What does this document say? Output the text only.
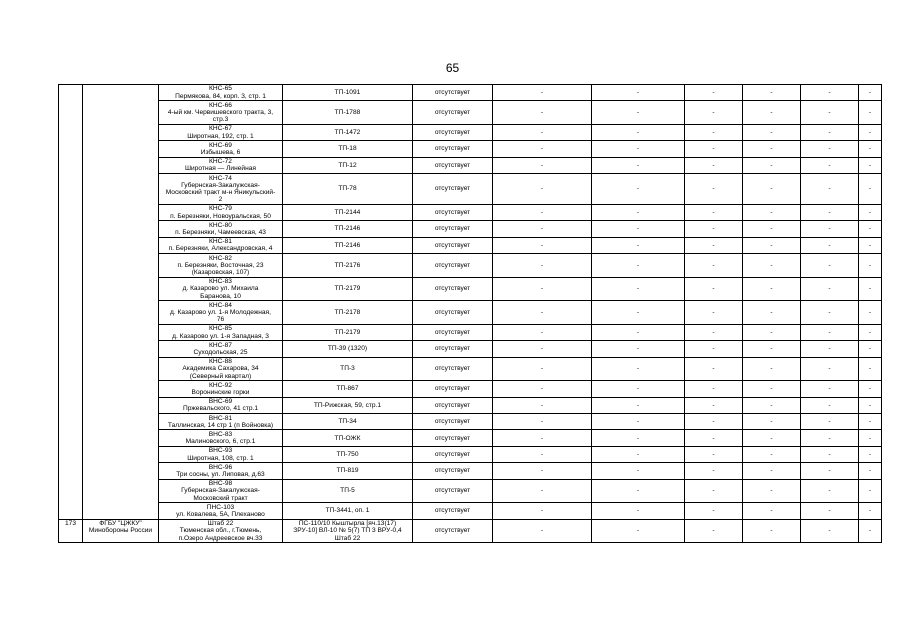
65

		КНС-65
Пермякова, 84, корп. 3, стр. 1	ТП-1091	отсутствует	-	-	-	-	-	-

		КНС-66
4-ый км. Червишевского тракта, 3,
стр.3	ТП-1788	отсутствует	-	-	-	-	-	-

		КНС-67
Широтная, 192, стр. 1	ТП-1472	отсутствует	-	-	-	-	-	-

		КНС-69
Избышева, 6	ТП-18	отсутствует	-	-	-	-	-	-

		КНС-72
Широтная — Линейная	ТП-12	отсутствует	-	-	-	-	-	-

		КНС-74
Губернская-Закалужская-
Московский тракт м-н Яникульский-
2	ТП-78	отсутствует	-	-	-	-	-	-

		КНС-79
п. Березняки, Новоуральская, 50	ТП-2144	отсутствует	-	-	-	-	-	-

		КНС-80
п. Березняки, Чамеевская, 43	ТП-2146	отсутствует	-	-	-	-	-	-

		КНС-81
п. Березняки, Александровская, 4	ТП-2146	отсутствует	-	-	-	-	-	-

		КНС-82
п. Березняки, Восточная, 23
(Казаровская, 107)	ТП-2176	отсутствует	-	-	-	-	-	-

		КНС-83
д. Казарово ул. Михаила
Баранова, 10	ТП-2179	отсутствует	-	-	-	-	-	-

		КНС-84
д. Казарово ул. 1-я Молодежная,
76	ТП-2178	отсутствует	-	-	-	-	-	-

		КНС-85
д. Казарово ул. 1-я Западная, 3	ТП-2179	отсутствует	-	-	-	-	-	-

		КНС-87
Суходольская, 25	ТП-39 (1320)	отсутствует	-	-	-	-	-	-

		КНС-88
Академика Сахарова, 34
(Северный квартал)	ТП-3	отсутствует	-	-	-	-	-	-

		КНС-92
Воронинские горки	ТП-867	отсутствует	-	-	-	-	-	-

		ВНС-69
Пржевальского, 41 стр.1	ТП-Рижская, 59, стр.1	отсутствует	-	-	-	-	-	-

		ВНС-81
Таллинская, 14 стр 1 (п Войновка)	ТП-34	отсутствует	-	-	-	-	-	-

		ВНС-83
Малиновского, 6, стр.1	ТП-ОЖК	отсутствует	-	-	-	-	-	-

		ВНС-93
Широтная, 108, стр. 1	ТП-750	отсутствует	-	-	-	-	-	-

		ВНС-96
Три сосны, ул. Липовая, д.63	ТП-819	отсутствует	-	-	-	-	-	-

		ВНС-98
Губернская-Закалужская-
Московский тракт	ТП-5	отсутствует	-	-	-	-	-	-

		ПНС-103
ул. Ковалева, 5А, Плеханово	ТП-3441, оп. 1	отсутствует	-	-	-	-	-	-
173	ФГБУ "ЦЖКУ" Минобороны России	Штаб 22
Тюменская обл., г.Тюмень,
п.Озеро Андреевское вч.33	ПС-110/10 Кыштырла [яч.13(17)
ЗРУ-10] ВЛ-10 № 5(7) ТП 3 ВРУ-0,4
Штаб 22	отсутствует	-	-	-	-	-	-
